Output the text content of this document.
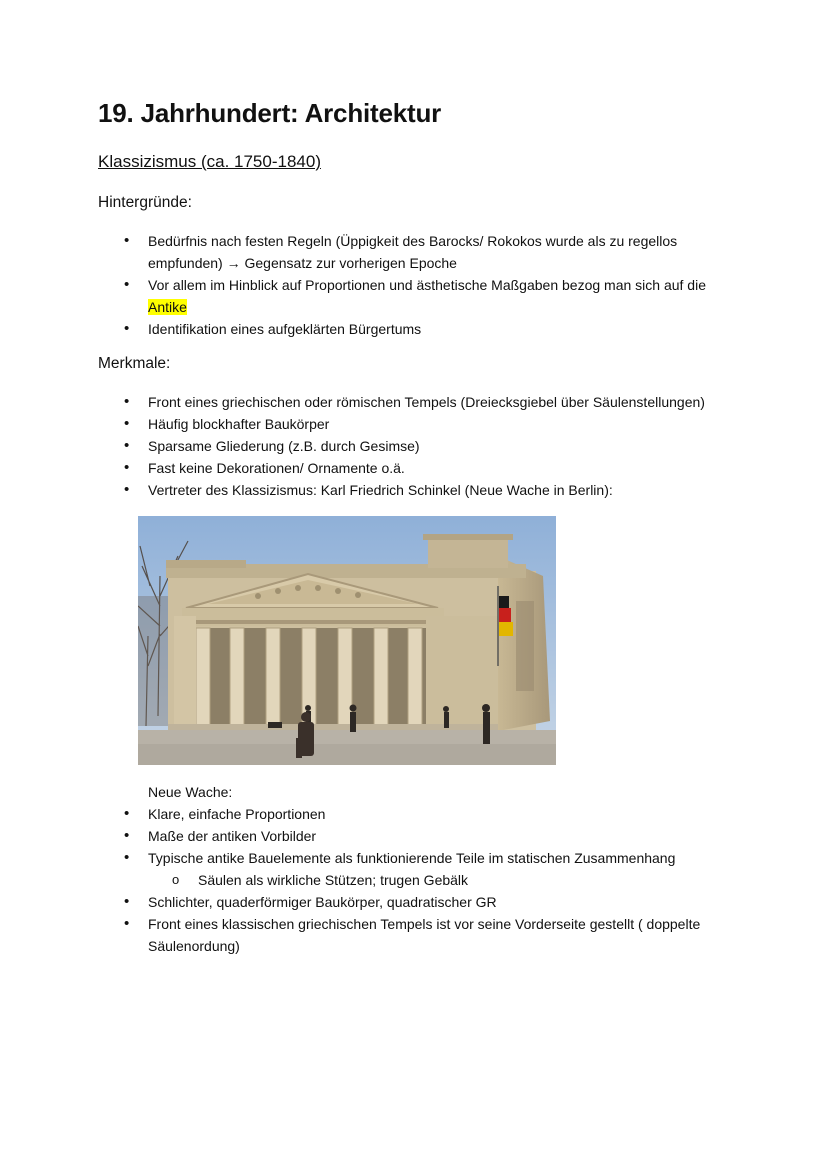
19. Jahrhundert: Architektur
Klassizismus (ca. 1750-1840)

Hintergründe:

• Bedürfnis nach festen Regeln (Üppigkeit des Barocks/ Rokokos wurde als zu regellos
empfunden) → Gegensatz zur vorherigen Epoche
• Vor allem im Hinblick auf Proportionen und ästhetische Maßgaben bezog man sich auf die
Antike
• Identifikation eines aufgeklärten Bürgertums

Merkmale:

• Front eines griechischen oder römischen Tempels (Dreiecksgiebel über Säulenstellungen)
• Häufig blockhafter Baukörper
• Sparsame Gliederung (z.B. durch Gesimse)
• Fast keine Dekorationen/ Ornamente o.ä.
• Vertreter des Klassizismus: Karl Friedrich Schinkel (Neue Wache in Berlin):
Neue Wache:
• Klare, einfache Proportionen
• Maße der antiken Vorbilder
• Typische antike Bauelemente als funktionierende Teile im statischen Zusammenhang
o Säulen als wirkliche Stützen; trugen Gebälk
• Schlichter, quaderförmiger Baukörper, quadratischer GR
• Front eines klassischen griechischen Tempels ist vor seine Vorderseite gestellt ( doppelte
Säulenordung)
